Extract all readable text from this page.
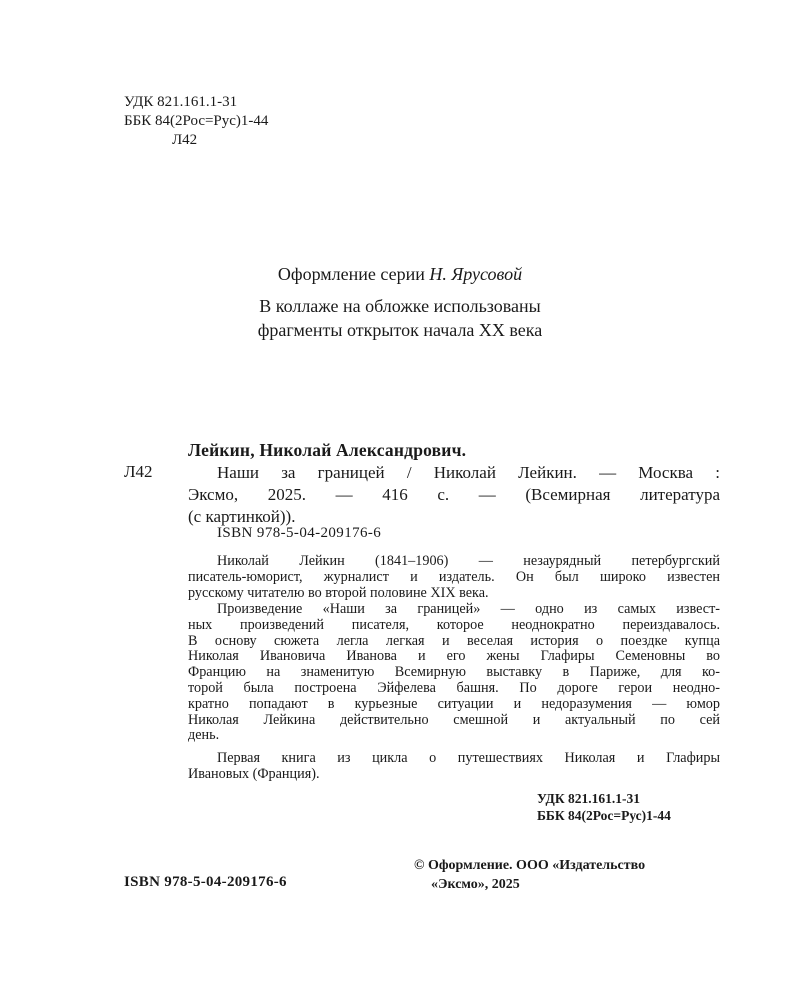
УДК 821.161.1-31
ББК 84(2Рос=Рус)1-44
Л42
Оформление серии Н. Ярусовой
В коллаже на обложке использованы
фрагменты открыток начала XX века
Лейкин, Николай Александрович.
Л42	Наши за границей / Николай Лейкин. — Москва :
Эксмо, 2025. — 416 с. — (Всемирная литература
(с картинкой)).
ISBN 978-5-04-209176-6
Николай Лейкин (1841–1906) — незаурядный петербургский
писатель-юморист, журналист и издатель. Он был широко известен
русскому читателю во второй половине XIX века.
Произведение «Наши за границей» — одно из самых извест-
ных произведений писателя, которое неоднократно переиздавалось.
В основу сюжета легла легкая и веселая история о поездке купца
Николая Ивановича Иванова и его жены Глафиры Семеновны во
Францию на знаменитую Всемирную выставку в Париже, для ко-
торой была построена Эйфелева башня. По дороге герои неодно-
кратно попадают в курьезные ситуации и недоразумения — юмор
Николая Лейкина действительно смешной и актуальный по сей
день.
Первая книга из цикла о путешествиях Николая и Глафиры
Ивановых (Франция).
УДК 821.161.1-31
ББК 84(2Рос=Рус)1-44
ISBN 978-5-04-209176-6
© Оформление. ООО «Издательство
«Эксмо», 2025
